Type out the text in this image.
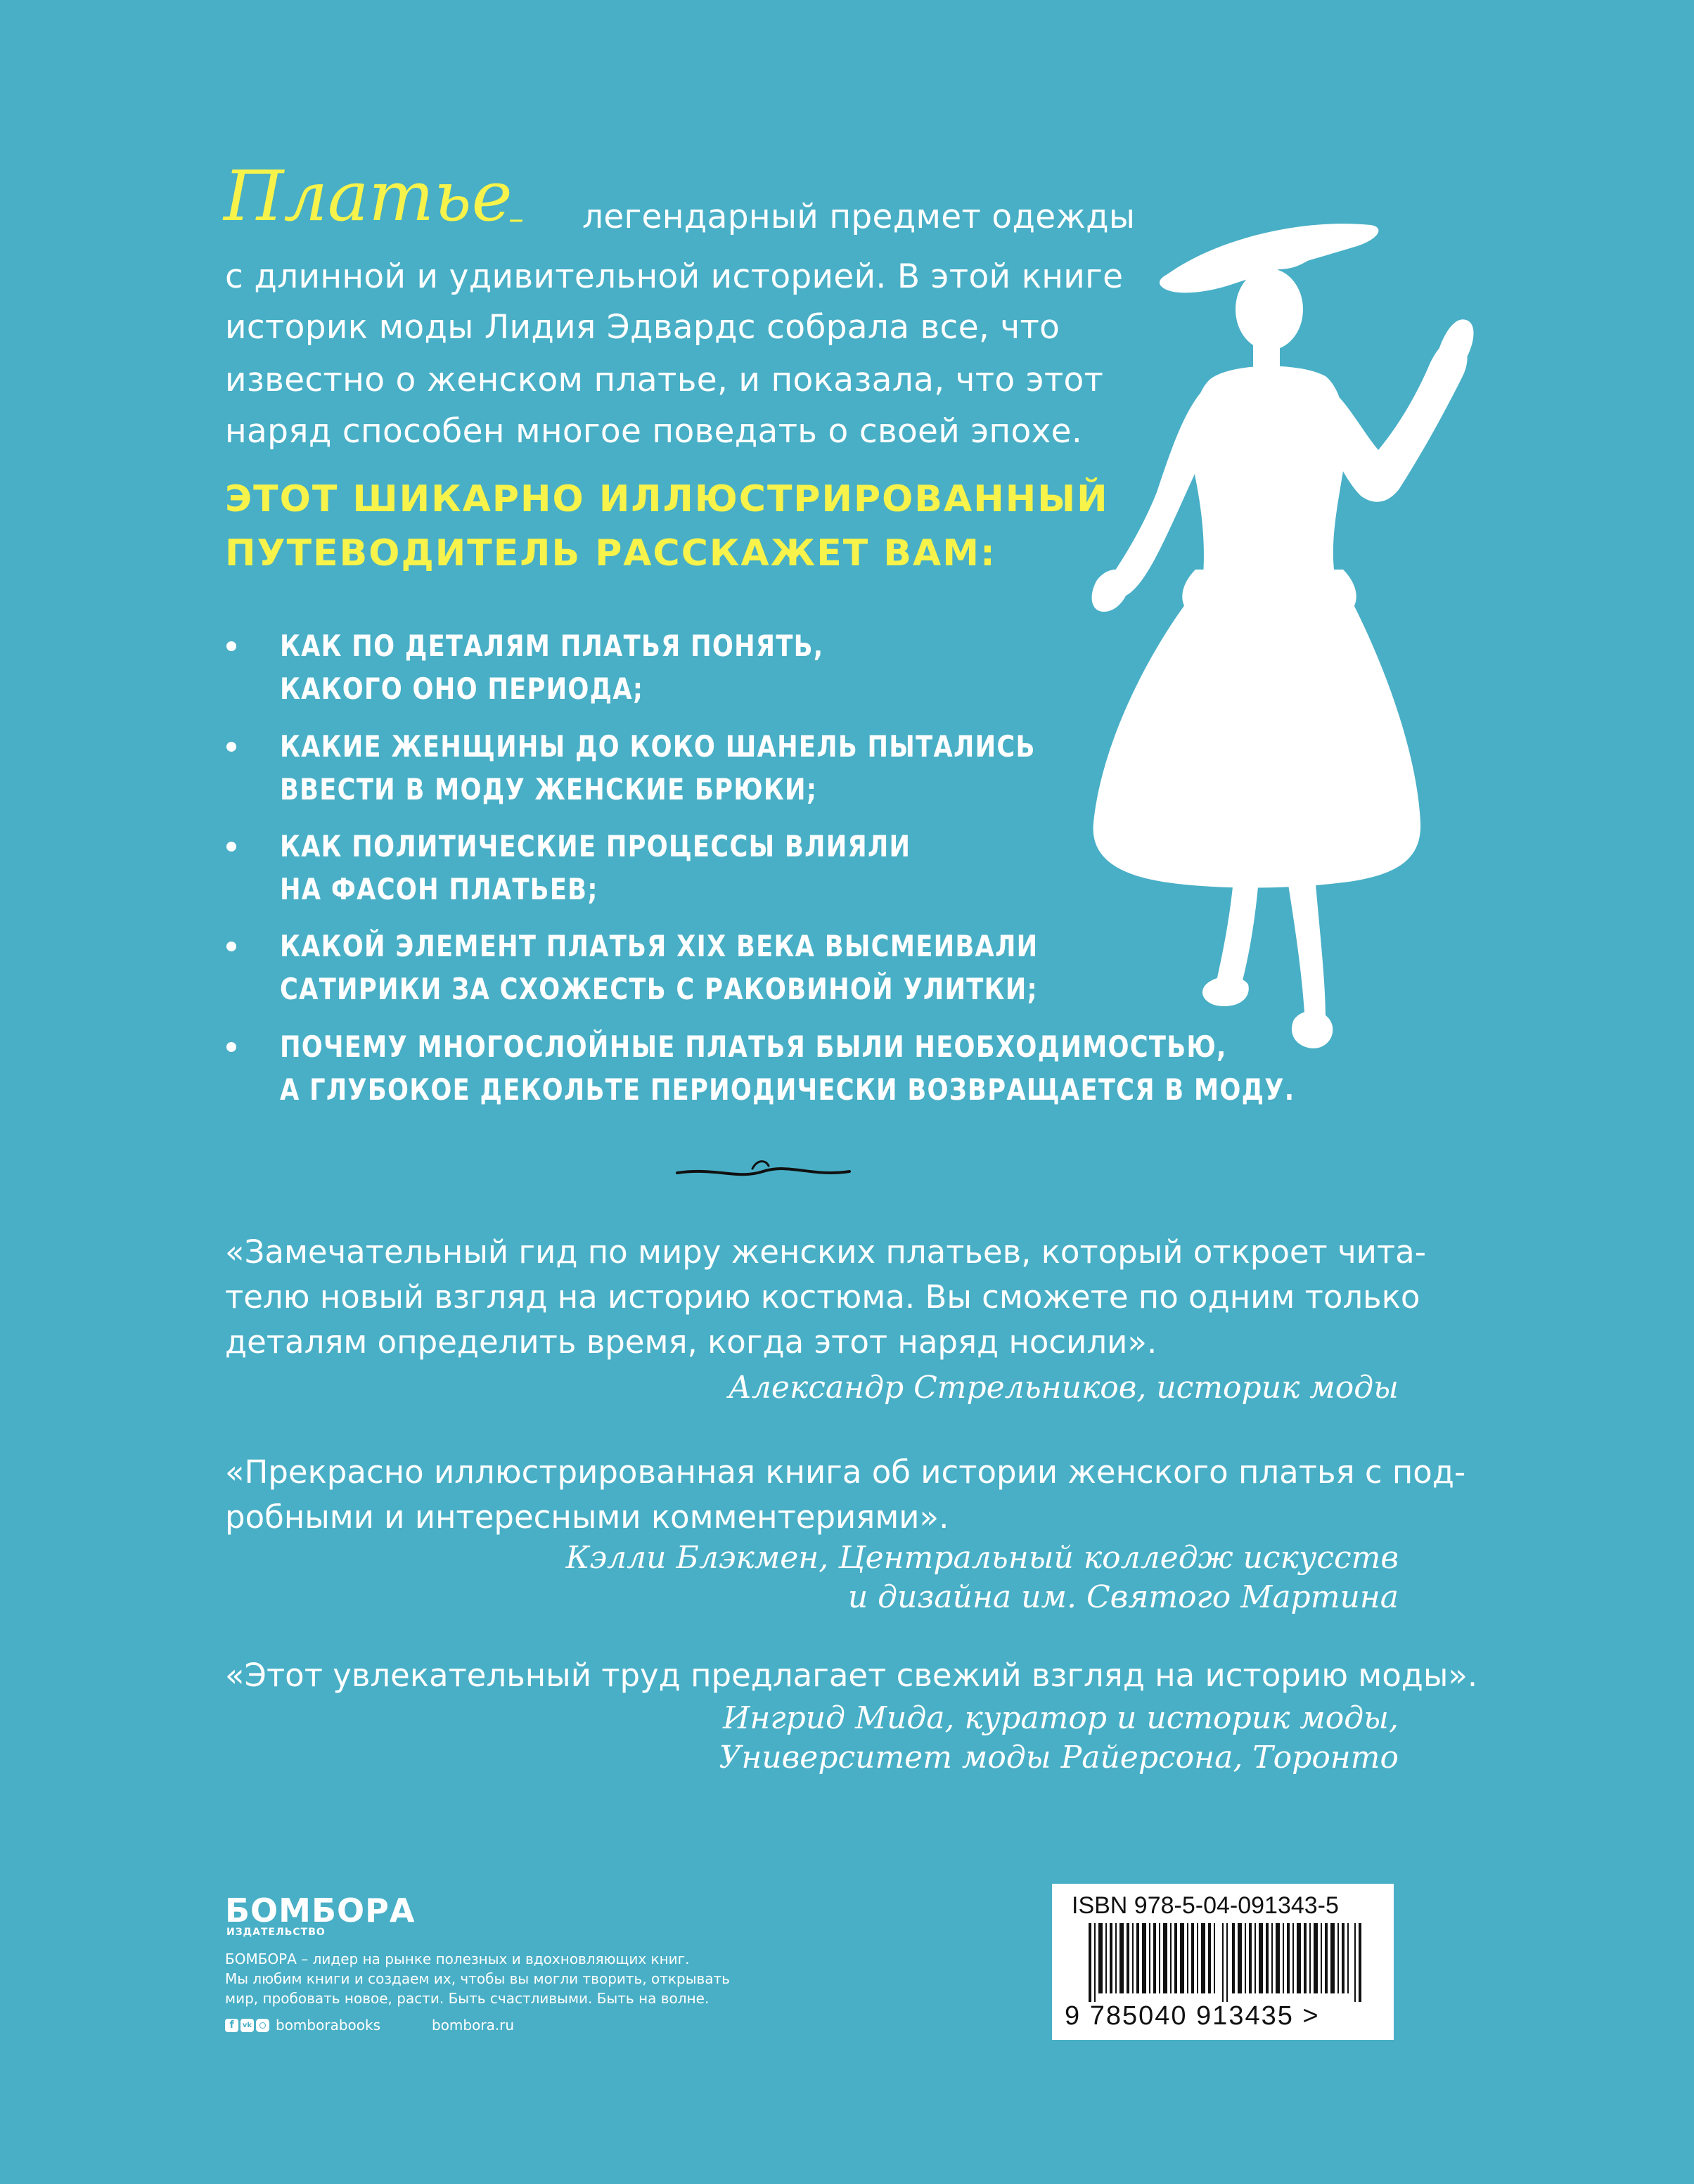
Платье
– легендарный предмет одежды
с длинной и удивительной историей. В этой книге
историк моды Лидия Эдвардс собрала все, что
известно о женском платье, и показала, что этот
наряд способен многое поведать о своей эпохе.
ЭТОТ ШИКАРНО ИЛЛЮСТРИРОВАННЫЙ
ПУТЕВОДИТЕЛЬ РАССКАЖЕТ ВАМ:
КАК ПО ДЕТАЛЯМ ПЛАТЬЯ ПОНЯТЬ,
КАКОГО ОНО ПЕРИОДА;
КАКИЕ ЖЕНЩИНЫ ДО КОКО ШАНЕЛЬ ПЫТАЛИСЬ
ВВЕСТИ В МОДУ ЖЕНСКИЕ БРЮКИ;
КАК ПОЛИТИЧЕСКИЕ ПРОЦЕССЫ ВЛИЯЛИ
НА ФАСОН ПЛАТЬЕВ;
КАКОЙ ЭЛЕМЕНТ ПЛАТЬЯ XIX ВЕКА ВЫСМЕИВАЛИ
САТИРИКИ ЗА СХОЖЕСТЬ С РАКОВИНОЙ УЛИТКИ;
ПОЧЕМУ МНОГОСЛОЙНЫЕ ПЛАТЬЯ БЫЛИ НЕОБХОДИМОСТЬЮ,
А ГЛУБОКОЕ ДЕКОЛЬТЕ ПЕРИОДИЧЕСКИ ВОЗВРАЩАЕТСЯ В МОДУ.
«Замечательный гид по миру женских платьев, который откроет чита-
телю новый взгляд на историю костюма. Вы сможете по одним только
деталям определить время, когда этот наряд носили».
Александр Стрельников, историк моды
«Прекрасно иллюстрированная книга об истории женского платья с под-
робными и интересными комментериями».
Кэлли Блэкмен, Центральный колледж искусств
и дизайна им. Святого Мартина
«Этот увлекательный труд предлагает свежий взгляд на историю моды».
Ингрид Мида, куратор и историк моды,
Университет моды Райерсона, Торонто
БОМБОРА
ИЗДАТЕЛЬСТВО
БОМБОРА – лидер на рынке полезных и вдохновляющих книг.
Мы любим книги и создаем их, чтобы вы могли творить, открывать
мир, пробовать новое, расти. Быть счастливыми. Быть на волне.
f	vk bomborabooks	bombora.ru
ISBN 978-5-04-091343-5
9 785040 913435 >
